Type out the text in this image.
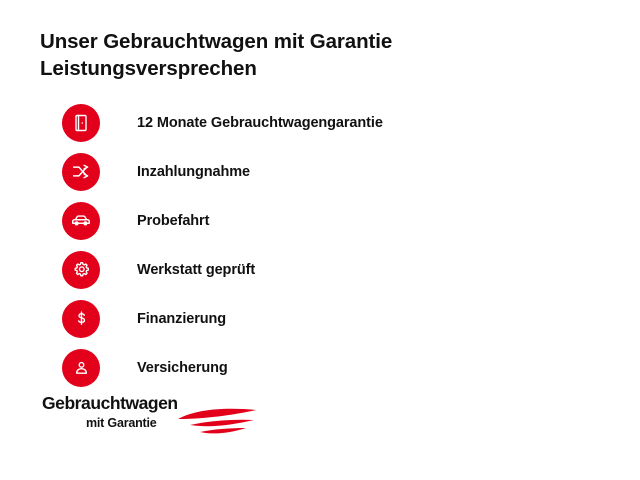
Unser Gebrauchtwagen mit Garantie
Leistungsversprechen
12 Monate Gebrauchtwagengarantie
Inzahlungnahme
Probefahrt
Werkstatt geprüft
Finanzierung
Versicherung
Gebrauchtwagen
mit Garantie
